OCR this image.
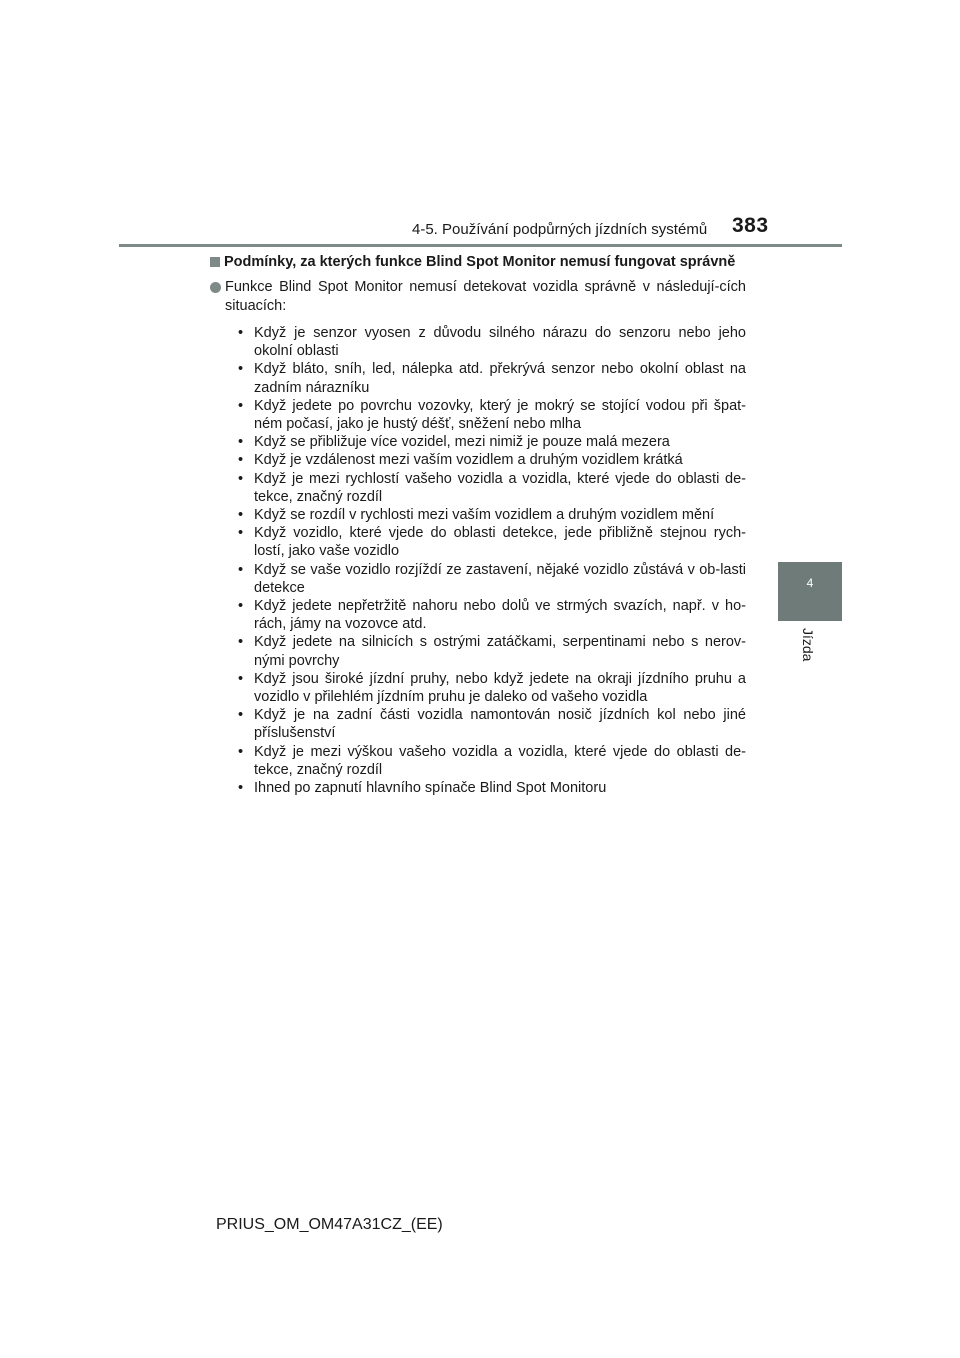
4-5. Používání podpůrných jízdních systémů 383
4
Jízda
Podmínky, za kterých funkce Blind Spot Monitor nemusí fungovat správně
Funkce Blind Spot Monitor nemusí detekovat vozidla správně v následují-cích situacích:
• Když je senzor vyosen z důvodu silného nárazu do senzoru nebo jeho okolní oblasti
• Když bláto, sníh, led, nálepka atd. překrývá senzor nebo okolní oblast na zadním nárazníku
• Když jedete po povrchu vozovky, který je mokrý se stojící vodou při špat-ném počasí, jako je hustý déšť, sněžení nebo mlha
• Když se přibližuje více vozidel, mezi nimiž je pouze malá mezera
• Když je vzdálenost mezi vaším vozidlem a druhým vozidlem krátká
• Když je mezi rychlostí vašeho vozidla a vozidla, které vjede do oblasti de-tekce, značný rozdíl
• Když se rozdíl v rychlosti mezi vaším vozidlem a druhým vozidlem mění
• Když vozidlo, které vjede do oblasti detekce, jede přibližně stejnou rych-lostí, jako vaše vozidlo
• Když se vaše vozidlo rozjíždí ze zastavení, nějaké vozidlo zůstává v ob-lasti detekce
• Když jedete nepřetržitě nahoru nebo dolů ve strmých svazích, např. v ho-rách, jámy na vozovce atd.
• Když jedete na silnicích s ostrými zatáčkami, serpentinami nebo s nerov-nými povrchy
• Když jsou široké jízdní pruhy, nebo když jedete na okraji jízdního pruhu a vozidlo v přilehlém jízdním pruhu je daleko od vašeho vozidla
• Když je na zadní části vozidla namontován nosič jízdních kol nebo jiné příslušenství
• Když je mezi výškou vašeho vozidla a vozidla, které vjede do oblasti de-tekce, značný rozdíl
• Ihned po zapnutí hlavního spínače Blind Spot Monitoru
PRIUS_OM_OM47A31CZ_(EE)
